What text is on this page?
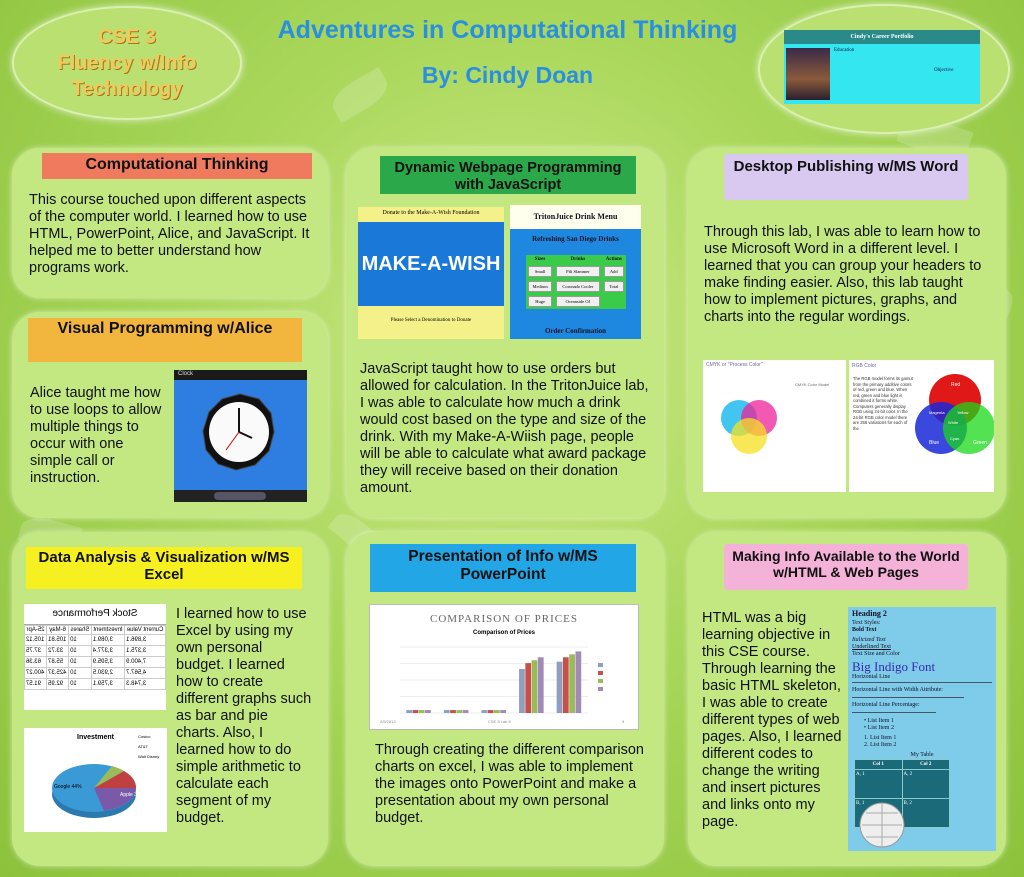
CSE 3
Fluency w/Info
Technology
Adventures in Computational Thinking
By: Cindy Doan
Cindy's Career Portfolio
Education
Objective
Computational Thinking
This course touched upon different aspects of the computer world. I learned how to use HTML, PowerPoint, Alice, and JavaScript. It helped me to better understand how programs work.
Visual Programming w/Alice
Alice taught me how to use loops to allow multiple things to occur with one simple call or instruction.
Clock
Dynamic Webpage Programming with JavaScript
Donate to the Make-A-Wish Foundation
MAKE-A-WISH
Please Select a Denomination to Donate
TritonJuice Drink Menu
Refreshing San Diego Drinks
Sizes	Drinks	Actions

Small	Pili Slammer	Add

Medium	Coronado Cooler	Total

Huge	Oceanside OJ	

Order Confirmation
JavaScript taught how to use orders but allowed for calculation. In the TritonJuice lab, I was able to calculate how much a drink would cost based on the type and size of the drink. With my Make-A-Wiish page, people will be able to calculate what award package they will receive based on their donation amount.
Desktop Publishing w/MS Word
Through this lab, I was able to learn how to use Microsoft Word in a different level. I learned that you can group your headers to make finding easier. Also, this lab taught how to implement pictures, graphs, and charts into the regular wordings.
CMYK or "Process Color"
CMYK Color Model
RGB Color
The RGB model forms its gamut from the primary additive colors of red, green and blue. When red, green and blue light is combined it forms white. Computers generally display RGB using 24-bit color. In the 24-bit RGB color model there are 256 variations for each of the
Red
Blue	Green
Yellow
Magenta
Cyan
White
Data Analysis & Visualization w/MS Excel
Stock Performance
Current Value	Investment	Shares	6-May	25-Apr
3,896.1	3,089.1	10	105.81	105.12
3,375.1	3,377.4	10	33.72	37.75
7,400.9	3,595.9	10	55.87	63.36
4,567.7	2,930.5	10	425.37	400.27
3,748.3	3,759.1	10	92.95	91.57
Investment
Google 44%
Apple 30%
Costco
AT&T
Walt Disney
I learned how to use Excel by using my own personal budget. I learned how to create different graphs such as bar and pie charts. Also, I learned how to do simple arithmetic to calculate each segment of my budget.
Presentation of Info w/MS PowerPoint
COMPARISON OF PRICES
Comparison of Prices
2/5/2013	CSE 3 Lab 5	9
Through creating the different comparison charts on excel, I was able to implement the images onto PowerPoint and make a presentation about my own personal budget.
Making Info Available to the World w/HTML & Web Pages
HTML was a big learning objective in this CSE course. Through learning the basic HTML skeleton, I was able to create different types of web pages. Also, I learned different codes to change the writing and insert pictures and links onto my page.
Heading 2
Text Styles:
Bold Text
Italicized Text
Underlined Text
Text Size and Color
Big Indigo Font
Horizontal Line
Horizontal Line with Width Attribute:
Horizontal Line Percentage:
• List Item 1
• List Item 2
1. List Item 1
2. List Item 2
My Table
Col 1	Col 2
A, 1	A, 2
B, 1	B, 2
